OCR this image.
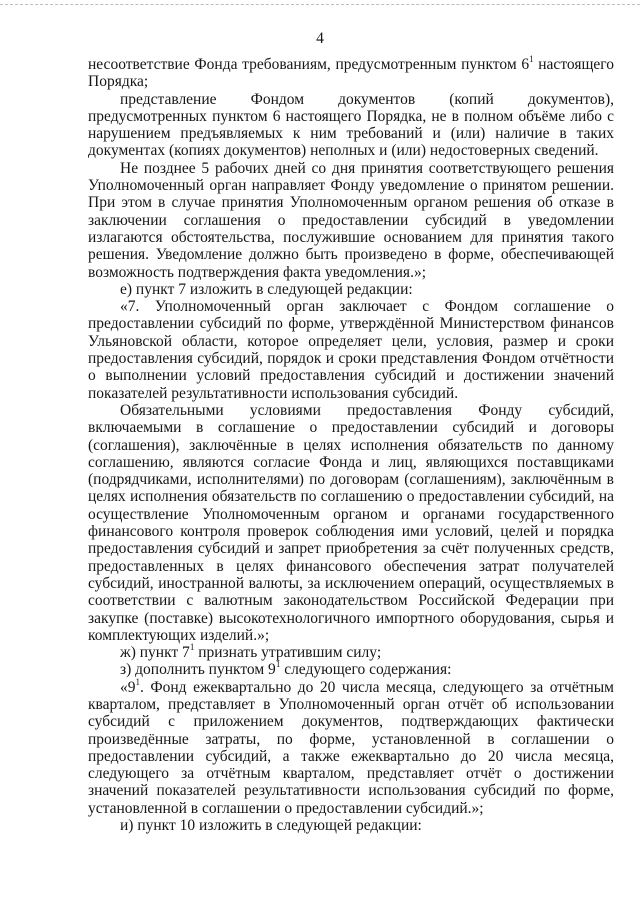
4

несоответствие Фонда требованиям, предусмотренным пунктом $6^1$ настоящего Порядка;

представление Фондом документов (копий документов), предусмотренных пунктом 6 настоящего Порядка, не в полном объёме либо с нарушением предъявляемых к ним требований и (или) наличие в таких документах (копиях документов) неполных и (или) недостоверных сведений.

Не позднее 5 рабочих дней со дня принятия соответствующего решения Уполномоченный орган направляет Фонду уведомление о принятом решении. При этом в случае принятия Уполномоченным органом решения об отказе в заключении соглашения о предоставлении субсидий в уведомлении излагаются обстоятельства, послужившие основанием для принятия такого решения. Уведомление должно быть произведено в форме, обеспечивающей возможность подтверждения факта уведомления.»;

е) пункт 7 изложить в следующей редакции:

«7. Уполномоченный орган заключает с Фондом соглашение о предоставлении субсидий по форме, утверждённой Министерством финансов Ульяновской области, которое определяет цели, условия, размер и сроки предоставления субсидий, порядок и сроки представления Фондом отчётности о выполнении условий предоставления субсидий и достижении значений показателей результативности использования субсидий.

Обязательными условиями предоставления Фонду субсидий, включаемыми в соглашение о предоставлении субсидий и договоры (соглашения), заключённые в целях исполнения обязательств по данному соглашению, являются согласие Фонда и лиц, являющихся поставщиками (подрядчиками, исполнителями) по договорам (соглашениям), заключённым в целях исполнения обязательств по соглашению о предоставлении субсидий, на осуществление Уполномоченным органом и органами государственного финансового контроля проверок соблюдения ими условий, целей и порядка предоставления субсидий и запрет приобретения за счёт полученных средств, предоставленных в целях финансового обеспечения затрат получателей субсидий, иностранной валюты, за исключением операций, осуществляемых в соответствии с валютным законодательством Российской Федерации при закупке (поставке) высокотехнологичного импортного оборудования, сырья и комплектующих изделий.»;

ж) пункт $7^1$ признать утратившим силу;

з) дополнить пунктом $9^1$ следующего содержания:

«$9^1$. Фонд ежеквартально до 20 числа месяца, следующего за отчётным кварталом, представляет в Уполномоченный орган отчёт об использовании субсидий с приложением документов, подтверждающих фактически произведённые затраты, по форме, установленной в соглашении о предоставлении субсидий, а также ежеквартально до 20 числа месяца, следующего за отчётным кварталом, представляет отчёт о достижении значений показателей результативности использования субсидий по форме, установленной в соглашении о предоставлении субсидий.»;

и) пункт 10 изложить в следующей редакции:
